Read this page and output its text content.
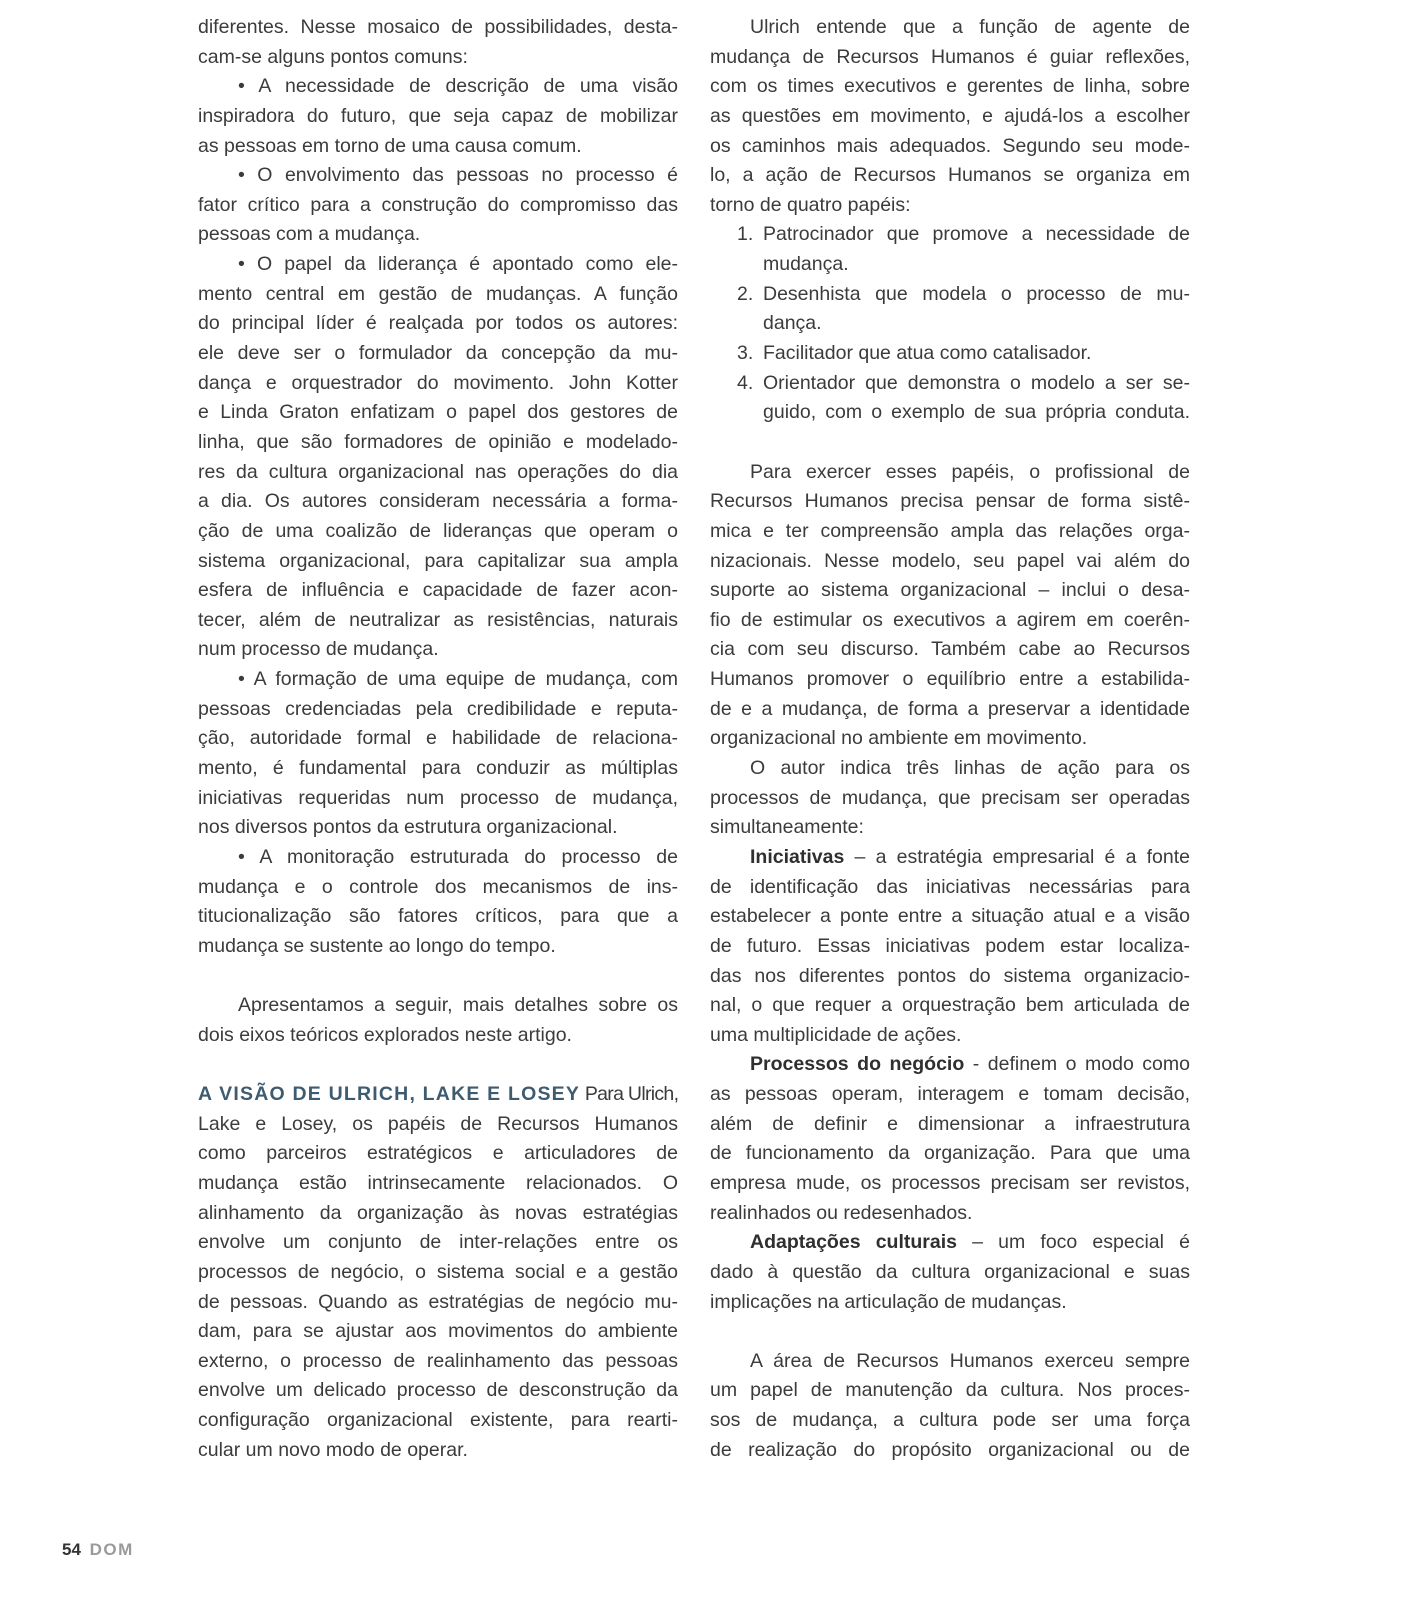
diferentes. Nesse mosaico de possibilidades, desta-
cam-se alguns pontos comuns:
• A necessidade de descrição de uma visão
inspiradora do futuro, que seja capaz de mobilizar
as pessoas em torno de uma causa comum.
• O envolvimento das pessoas no processo é
fator crítico para a construção do compromisso das
pessoas com a mudança.
• O papel da liderança é apontado como ele-
mento central em gestão de mudanças. A função
do principal líder é realçada por todos os autores:
ele deve ser o formulador da concepção da mu-
dança e orquestrador do movimento. John Kotter
e Linda Graton enfatizam o papel dos gestores de
linha, que são formadores de opinião e modelado-
res da cultura organizacional nas operações do dia
a dia. Os autores consideram necessária a forma-
ção de uma coalizão de lideranças que operam o
sistema organizacional, para capitalizar sua ampla
esfera de influência e capacidade de fazer acon-
tecer, além de neutralizar as resistências, naturais
num processo de mudança.
• A formação de uma equipe de mudança, com
pessoas credenciadas pela credibilidade e reputa-
ção, autoridade formal e habilidade de relaciona-
mento, é fundamental para conduzir as múltiplas
iniciativas requeridas num processo de mudança,
nos diversos pontos da estrutura organizacional.
• A monitoração estruturada do processo de
mudança e o controle dos mecanismos de ins-
titucionalização são fatores críticos, para que a
mudança se sustente ao longo do tempo.
Apresentamos a seguir, mais detalhes sobre os
dois eixos teóricos explorados neste artigo.
A VISÃO DE ULRICH, LAKE E LOSEY Para Ulrich,
Lake e Losey, os papéis de Recursos Humanos
como parceiros estratégicos e articuladores de
mudança estão intrinsecamente relacionados. O
alinhamento da organização às novas estratégias
envolve um conjunto de inter-relações entre os
processos de negócio, o sistema social e a gestão
de pessoas. Quando as estratégias de negócio mu-
dam, para se ajustar aos movimentos do ambiente
externo, o processo de realinhamento das pessoas
envolve um delicado processo de desconstrução da
configuração organizacional existente, para rearti-
cular um novo modo de operar.
Ulrich entende que a função de agente de
mudança de Recursos Humanos é guiar reflexões,
com os times executivos e gerentes de linha, sobre
as questões em movimento, e ajudá-los a escolher
os caminhos mais adequados. Segundo seu mode-
lo, a ação de Recursos Humanos se organiza em
torno de quatro papéis:
1. Patrocinador que promove a necessidade de
mudança.
2. Desenhista que modela o processo de mu-
dança.
3. Facilitador que atua como catalisador.
4. Orientador que demonstra o modelo a ser se-
guido, com o exemplo de sua própria conduta.
Para exercer esses papéis, o profissional de
Recursos Humanos precisa pensar de forma sistê-
mica e ter compreensão ampla das relações orga-
nizacionais. Nesse modelo, seu papel vai além do
suporte ao sistema organizacional – inclui o desa-
fio de estimular os executivos a agirem em coerên-
cia com seu discurso. Também cabe ao Recursos
Humanos promover o equilíbrio entre a estabilida-
de e a mudança, de forma a preservar a identidade
organizacional no ambiente em movimento.
O autor indica três linhas de ação para os
processos de mudança, que precisam ser operadas
simultaneamente:
Iniciativas – a estratégia empresarial é a fonte
de identificação das iniciativas necessárias para
estabelecer a ponte entre a situação atual e a visão
de futuro. Essas iniciativas podem estar localiza-
das nos diferentes pontos do sistema organizacio-
nal, o que requer a orquestração bem articulada de
uma multiplicidade de ações.
Processos do negócio - definem o modo como
as pessoas operam, interagem e tomam decisão,
além de definir e dimensionar a infraestrutura
de funcionamento da organização. Para que uma
empresa mude, os processos precisam ser revistos,
realinhados ou redesenhados.
Adaptações culturais – um foco especial é
dado à questão da cultura organizacional e suas
implicações na articulação de mudanças.
A área de Recursos Humanos exerceu sempre
um papel de manutenção da cultura. Nos proces-
sos de mudança, a cultura pode ser uma força
de realização do propósito organizacional ou de
54 DOM
